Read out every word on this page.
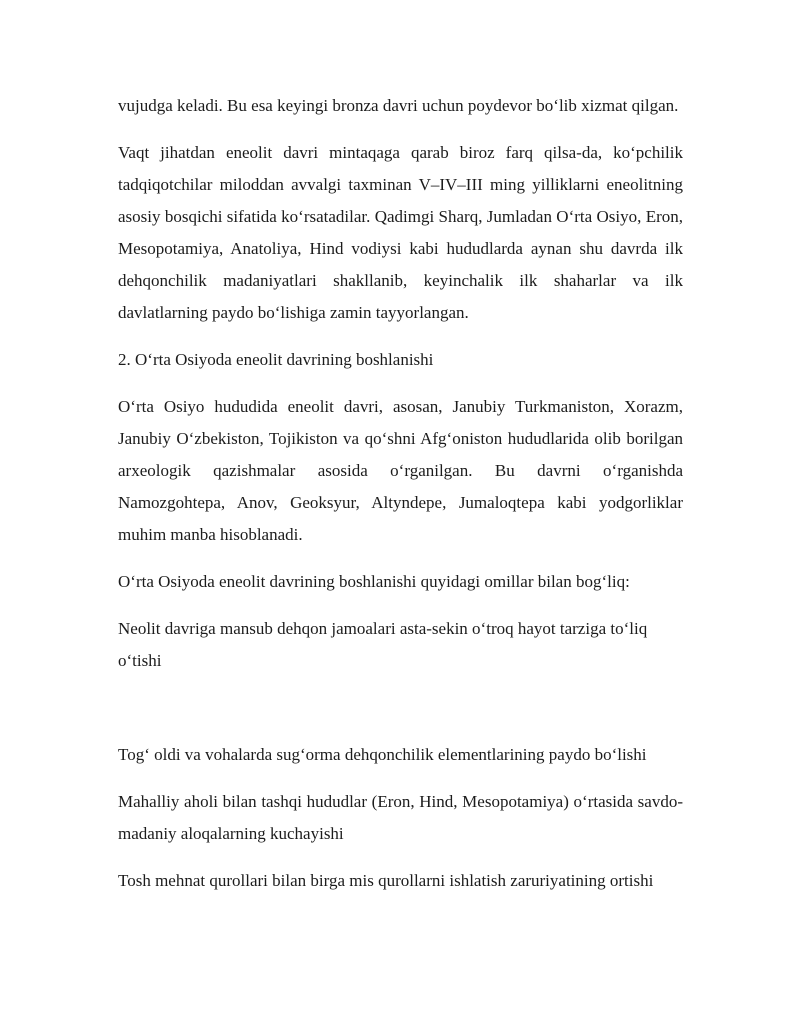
vujudga keladi. Bu esa keyingi bronza davri uchun poydevor bo‘lib xizmat qilgan.

Vaqt jihatdan eneolit davri mintaqaga qarab biroz farq qilsa-da, ko‘pchilik tadqiqotchilar miloddan avvalgi taxminan V–IV–III ming yilliklarni eneolitning asosiy bosqichi sifatida ko‘rsatadilar. Qadimgi Sharq, Jumladan O‘rta Osiyo, Eron, Mesopotamiya, Anatoliya, Hind vodiysi kabi hududlarda aynan shu davrda ilk dehqonchilik madaniyatlari shakllanib, keyinchalik ilk shaharlar va ilk davlatlarning paydo bo‘lishiga zamin tayyorlangan.

2. O‘rta Osiyoda eneolit davrining boshlanishi

O‘rta Osiyo hududida eneolit davri, asosan, Janubiy Turkmaniston, Xorazm, Janubiy O‘zbekiston, Tojikiston va qo‘shni Afg‘oniston hududlarida olib borilgan arxeologik qazishmalar asosida o‘rganilgan. Bu davrni o‘rganishda Namozgohtepa, Anov, Geoksyur, Altyndepe, Jumaloqtepa kabi yodgorliklar muhim manba hisoblanadi.

O‘rta Osiyoda eneolit davrining boshlanishi quyidagi omillar bilan bog‘liq:

Neolit davriga mansub dehqon jamoalari asta-sekin o‘troq hayot tarziga to‘liq o‘tishi

Tog‘ oldi va vohalarda sug‘orma dehqonchilik elementlarining paydo bo‘lishi

Mahalliy aholi bilan tashqi hududlar (Eron, Hind, Mesopotamiya) o‘rtasida savdo-madaniy aloqalarning kuchayishi

Tosh mehnat qurollari bilan birga mis qurollarni ishlatish zaruriyatining ortishi
